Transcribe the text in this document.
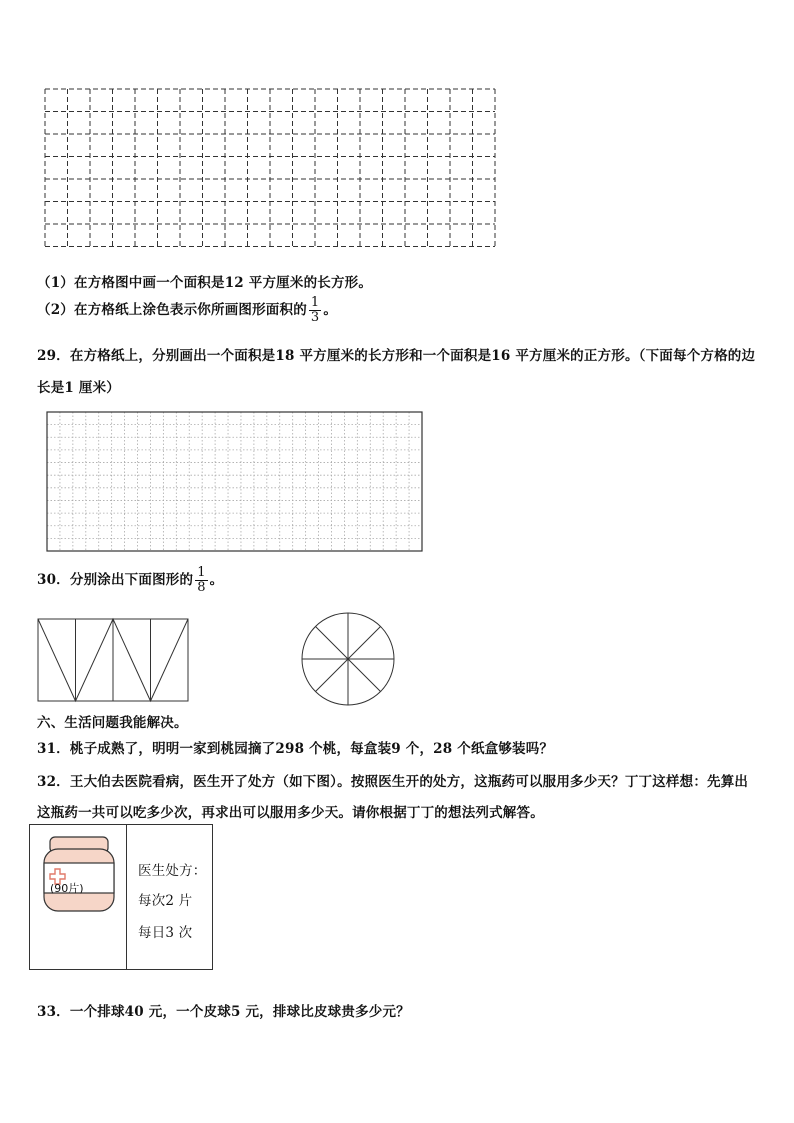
（1）在方格图中画一个面积是12 平方厘米的长方形。
（2）在方格纸上涂色表示你所画图形面积的 $\frac{1}{3}$ 。
29．在方格纸上，分别画出一个面积是18 平方厘米的长方形和一个面积是16 平方厘米的正方形。（下面每个方格的边
长是1 厘米）
30．分别涂出下面图形的 $\frac{1}{8}$ 。
六、生活问题我能解决。
31．桃子成熟了，明明一家到桃园摘了298 个桃，每盒装9 个，28 个纸盒够装吗？
32．王大伯去医院看病，医生开了处方（如下图）。按照医生开的处方，这瓶药可以服用多少天？丁丁这样想：先算出
这瓶药一共可以吃多少次，再求出可以服用多少天。请你根据丁丁的想法列式解答。
(90片)
医生处方：
每次2 片
每日3 次
33．一个排球40 元，一个皮球5 元，排球比皮球贵多少元？
